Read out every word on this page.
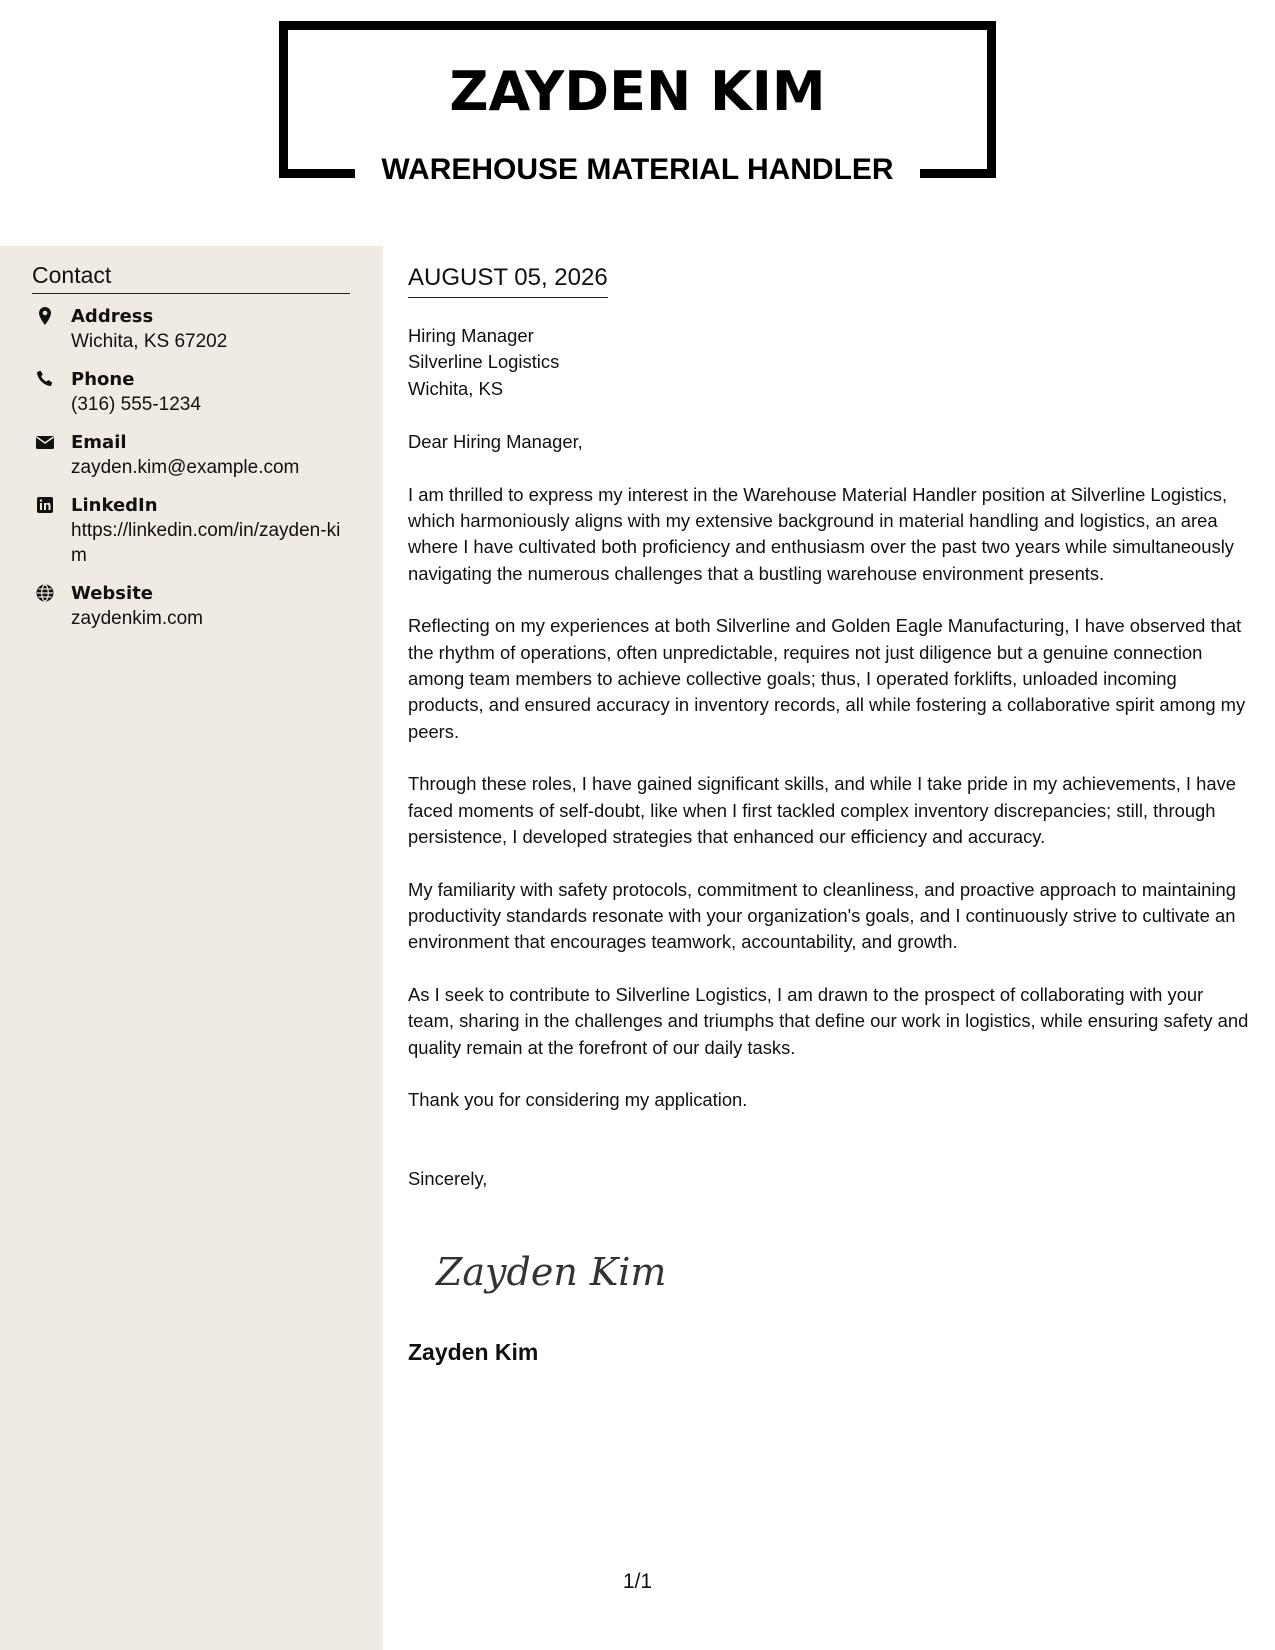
ZAYDEN KIM
WAREHOUSE MATERIAL HANDLER
Contact
Address
Wichita, KS 67202
Phone
(316) 555-1234
Email
zayden.kim@example.com
LinkedIn
https://linkedin.com/in/zayden-kim
Website
zaydenkim.com
AUGUST 05, 2026

Hiring Manager

Silverline Logistics

Wichita, KS

Dear Hiring Manager,

I am thrilled to express my interest in the Warehouse Material Handler position at Silverline Logistics, which harmoniously aligns with my extensive background in material handling and logistics, an area where I have cultivated both proficiency and enthusiasm over the past two years while simultaneously navigating the numerous challenges that a bustling warehouse environment presents.

Reflecting on my experiences at both Silverline and Golden Eagle Manufacturing, I have observed that the rhythm of operations, often unpredictable, requires not just diligence but a genuine connection among team members to achieve collective goals; thus, I operated forklifts, unloaded incoming products, and ensured accuracy in inventory records, all while fostering a collaborative spirit among my peers.

Through these roles, I have gained significant skills, and while I take pride in my achievements, I have faced moments of self-doubt, like when I first tackled complex inventory discrepancies; still, through persistence, I developed strategies that enhanced our efficiency and accuracy.

My familiarity with safety protocols, commitment to cleanliness, and proactive approach to maintaining productivity standards resonate with your organization's goals, and I continuously strive to cultivate an environment that encourages teamwork, accountability, and growth.

As I seek to contribute to Silverline Logistics, I am drawn to the prospect of collaborating with your team, sharing in the challenges and triumphs that define our work in logistics, while ensuring safety and quality remain at the forefront of our daily tasks.

Thank you for considering my application.

Sincerely,

Zayden Kim
Zayden Kim
1/1
